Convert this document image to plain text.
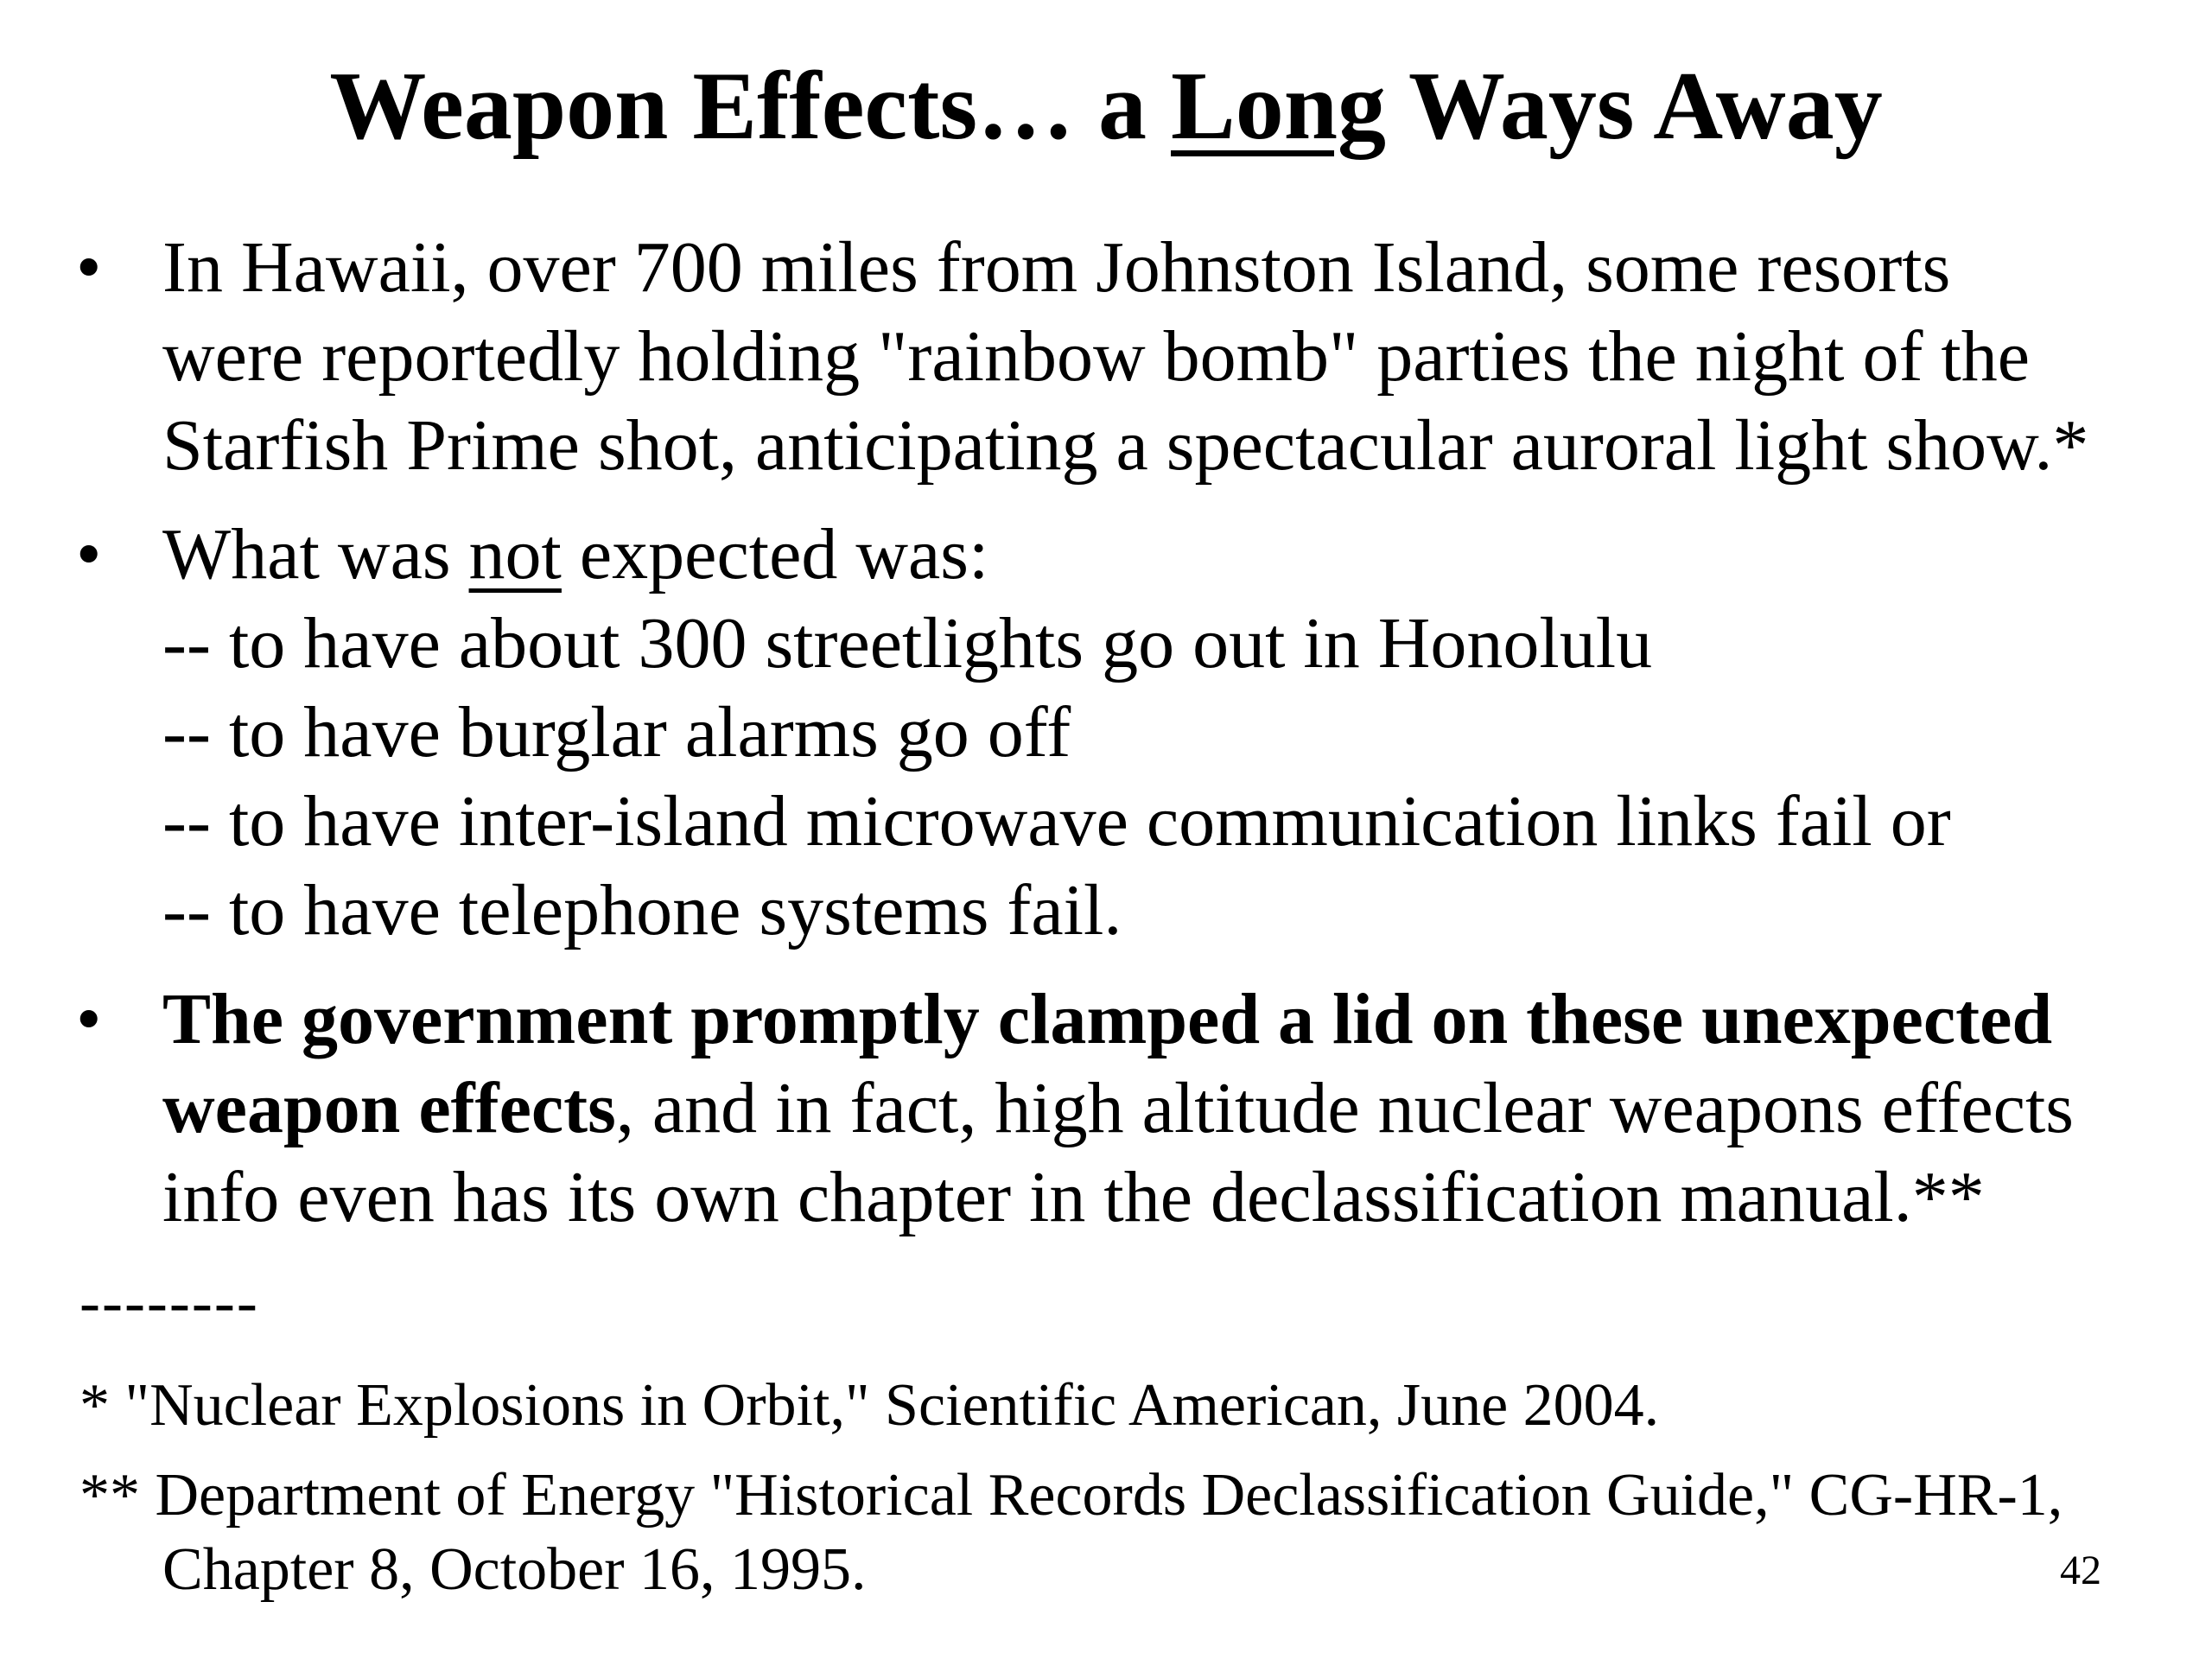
Weapon Effects… a Long Ways Away
• In Hawaii, over 700 miles from Johnston Island, some resorts
were reportedly holding "rainbow bomb" parties the night of the
Starfish Prime shot, anticipating a spectacular auroral light show.*
• What was not expected was:
-- to have about 300 streetlights go out in Honolulu
-- to have burglar alarms go off
-- to have inter-island microwave communication links fail or
-- to have telephone systems fail.
• The government promptly clamped a lid on these unexpected
weapon effects, and in fact, high altitude nuclear weapons effects
info even has its own chapter in the declassification manual.**
--------
* "Nuclear Explosions in Orbit," Scientific American, June 2004.
** Department of Energy "Historical Records Declassification Guide," CG-HR-1,
Chapter 8, October 16, 1995.	42
